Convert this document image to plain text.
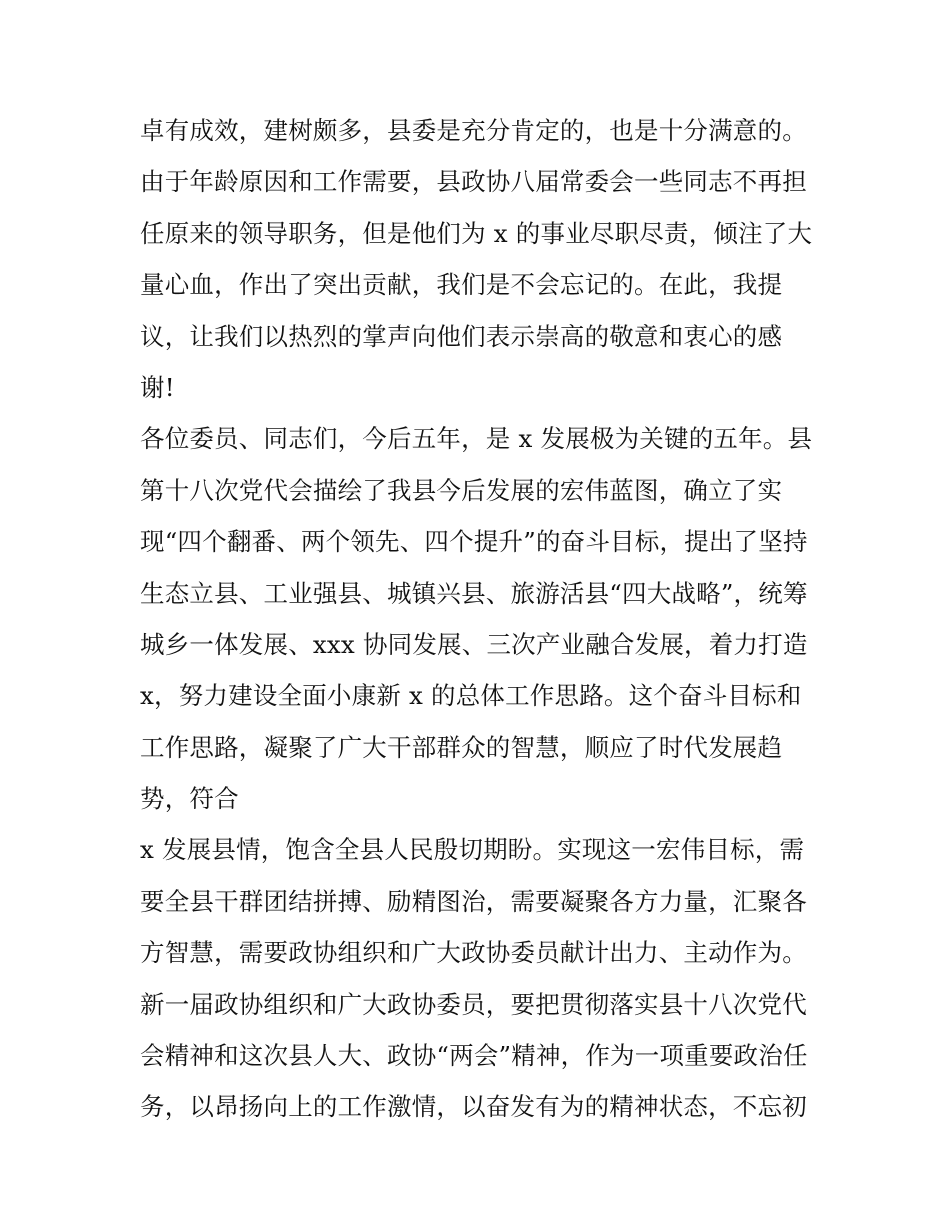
卓有成效，建树颇多，县委是充分肯定的，也是十分满意的。
由于年龄原因和工作需要，县政协八届常委会一些同志不再担
任原来的领导职务，但是他们为 x 的事业尽职尽责，倾注了大
量心血，作出了突出贡献，我们是不会忘记的。在此，我提
议，让我们以热烈的掌声向他们表示崇高的敬意和衷心的感
谢!
各位委员、同志们，今后五年，是 x 发展极为关键的五年。县
第十八次党代会描绘了我县今后发展的宏伟蓝图，确立了实
现“四个翻番、两个领先、四个提升”的奋斗目标，提出了坚持
生态立县、工业强县、城镇兴县、旅游活县“四大战略”，统筹
城乡一体发展、xxx 协同发展、三次产业融合发展，着力打造
x，努力建设全面小康新 x 的总体工作思路。这个奋斗目标和
工作思路，凝聚了广大干部群众的智慧，顺应了时代发展趋
势，符合
x 发展县情，饱含全县人民殷切期盼。实现这一宏伟目标，需
要全县干群团结拼搏、励精图治，需要凝聚各方力量，汇聚各
方智慧，需要政协组织和广大政协委员献计出力、主动作为。
新一届政协组织和广大政协委员，要把贯彻落实县十八次党代
会精神和这次县人大、政协“两会”精神，作为一项重要政治任
务，以昂扬向上的工作激情，以奋发有为的精神状态，不忘初
